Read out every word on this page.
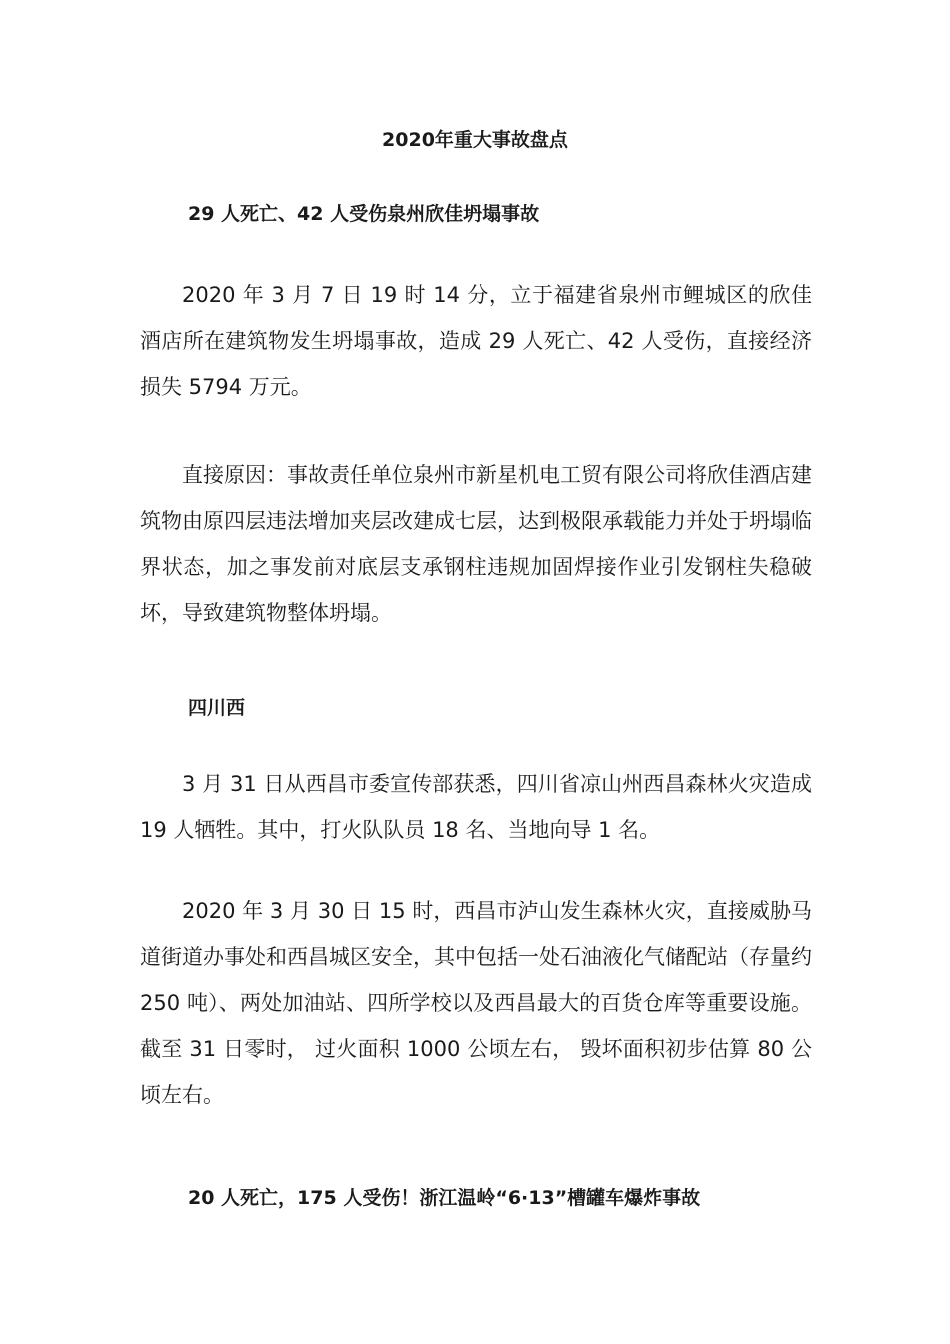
2020年重大事故盘点
29 人死亡、42 人受伤泉州欣佳坍塌事故

2020 年 3 月 7 日 19 时 14 分，立于福建省泉州市鲤城区的欣佳酒店所在建筑物发生坍塌事故，造成 29 人死亡、42 人受伤，直接经济损失 5794 万元。

直接原因：事故责任单位泉州市新星机电工贸有限公司将欣佳酒店建筑物由原四层违法增加夹层改建成七层，达到极限承载能力并处于坍塌临界状态，加之事发前对底层支承钢柱违规加固焊接作业引发钢柱失稳破坏，导致建筑物整体坍塌。

四川西

3 月 31 日从西昌市委宣传部获悉，四川省凉山州西昌森林火灾造成 19 人牺牲。其中，打火队队员 18 名、当地向导 1 名。

2020 年 3 月 30 日 15 时，西昌市泸山发生森林火灾，直接威胁马道街道办事处和西昌城区安全，其中包括一处石油液化气储配站（存量约 250 吨）、两处加油站、四所学校以及西昌最大的百货仓库等重要设施。截至 31 日零时， 过火面积 1000 公顷左右， 毁坏面积初步估算 80 公顷左右。

20 人死亡，175 人受伤！浙江温岭“6·13”槽罐车爆炸事故
